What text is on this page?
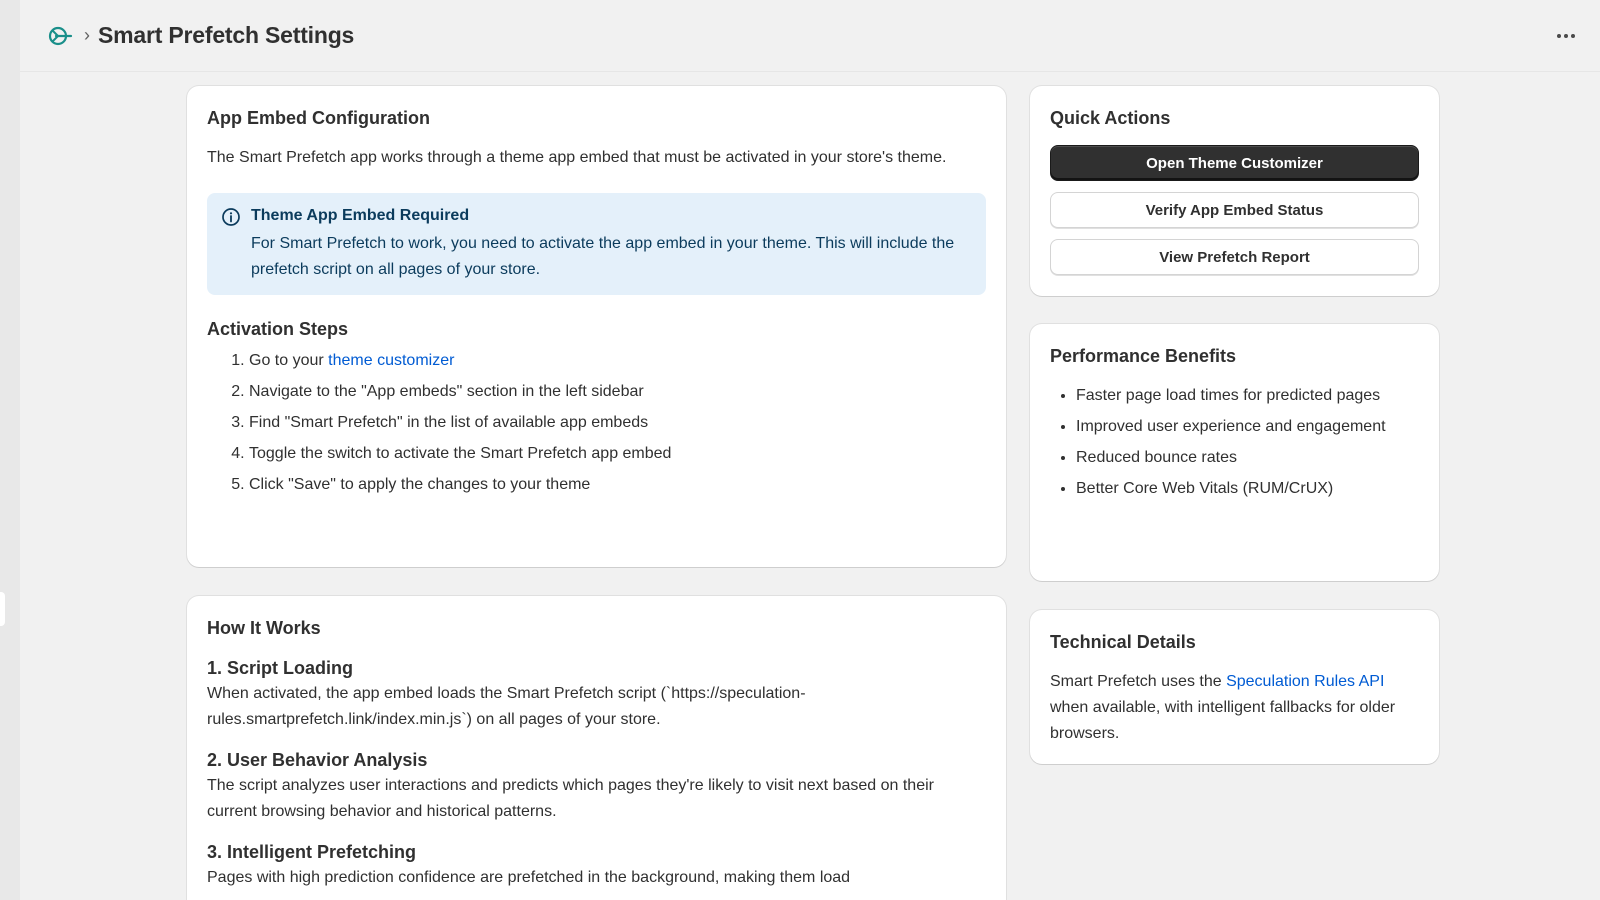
› Smart Prefetch Settings
App Embed Configuration

The Smart Prefetch app works through a theme app embed that must be activated in your store's theme.

Theme App Embed Required
For Smart Prefetch to work, you need to activate the app embed in your theme. This will include the prefetch script on all pages of your store.
Activation Steps
1. Go to your theme customizer
2. Navigate to the "App embeds" section in the left sidebar
3. Find "Smart Prefetch" in the list of available app embeds
4. Toggle the switch to activate the Smart Prefetch app embed
5. Click "Save" to apply the changes to your theme
How It Works
1. Script Loading

When activated, the app embed loads the Smart Prefetch script (`https://speculation-rules.smartprefetch.link/index.min.js`) on all pages of your store.

2. User Behavior Analysis

The script analyzes user interactions and predicts which pages they're likely to visit next based on their current browsing behavior and historical patterns.

3. Intelligent Prefetching

Pages with high prediction confidence are prefetched in the background, making them load

Quick Actions
Open Theme Customizer
Verify App Embed Status
View Prefetch Report
Performance Benefits
• Faster page load times for predicted pages
• Improved user experience and engagement
• Reduced bounce rates
• Better Core Web Vitals (RUM/CrUX)
Technical Details

Smart Prefetch uses the Speculation Rules API when available, with intelligent fallbacks for older browsers.
